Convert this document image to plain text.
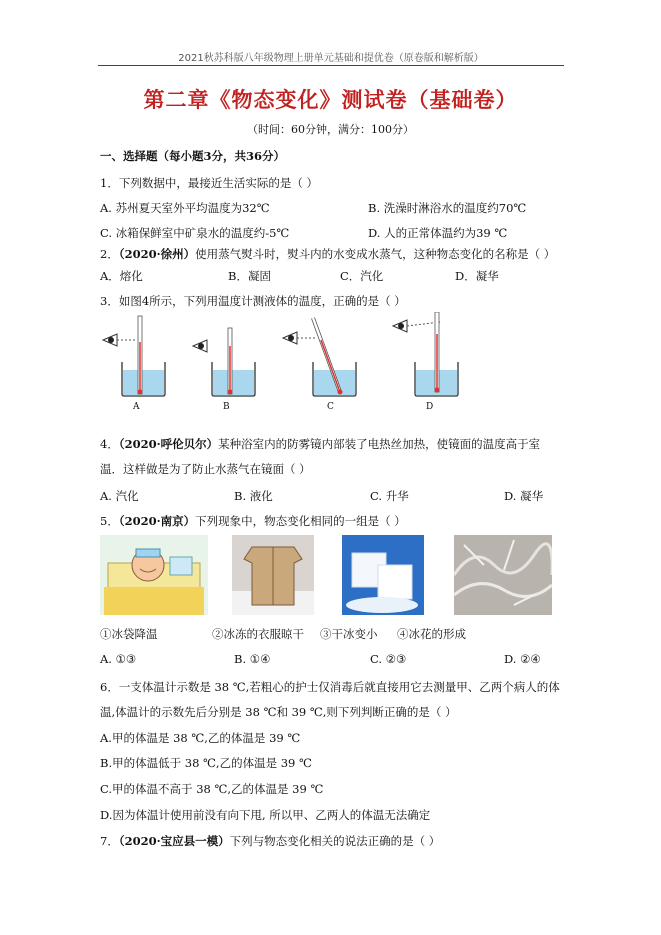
2021秋苏科版八年级物理上册单元基础和提优卷（原卷版和解析版）
第二章《物态变化》测试卷（基础卷）
（时间：60分钟，满分：100分）
一、选择题（每小题3分，共36分）
1．下列数据中，最接近生活实际的是（ ）
A. 苏州夏天室外平均温度为32℃	B. 洗澡时淋浴水的温度约70℃
C. 冰箱保鲜室中矿泉水的温度约-5℃	D. 人的正常体温约为39 ℃
2．（2020·徐州）使用蒸气熨斗时，熨斗内的水变成水蒸气，这种物态变化的名称是（ ）
A．熔化	B．凝固	C．汽化	D．凝华
3．如图4所示，下列用温度计测液体的温度，正确的是（ ）
A	B	C	D
4．（2020·呼伦贝尔）某种浴室内的防雾镜内部装了电热丝加热，使镜面的温度高于室
温．这样做是为了防止水蒸气在镜面（ ）
A. 汽化	B. 液化	C. 升华	D. 凝华
5．（2020·南京）下列现象中，物态变化相同的一组是（ ）
①冰袋降温	②冰冻的衣服晾干 ③干冰变小 ④冰花的形成
A. ①③	B. ①④	C. ②③	D. ②④
6．一支体温计示数是 38 ℃,若粗心的护士仅消毒后就直接用它去测量甲、乙两个病人的体
温,体温计的示数先后分别是 38 ℃和 39 ℃,则下列判断正确的是（ ）
A.甲的体温是 38 ℃,乙的体温是 39 ℃
B.甲的体温低于 38 ℃,乙的体温是 39 ℃
C.甲的体温不高于 38 ℃,乙的体温是 39 ℃
D.因为体温计使用前没有向下甩, 所以甲、乙两人的体温无法确定
7．（2020·宝应县一模）下列与物态变化相关的说法正确的是（ ）
